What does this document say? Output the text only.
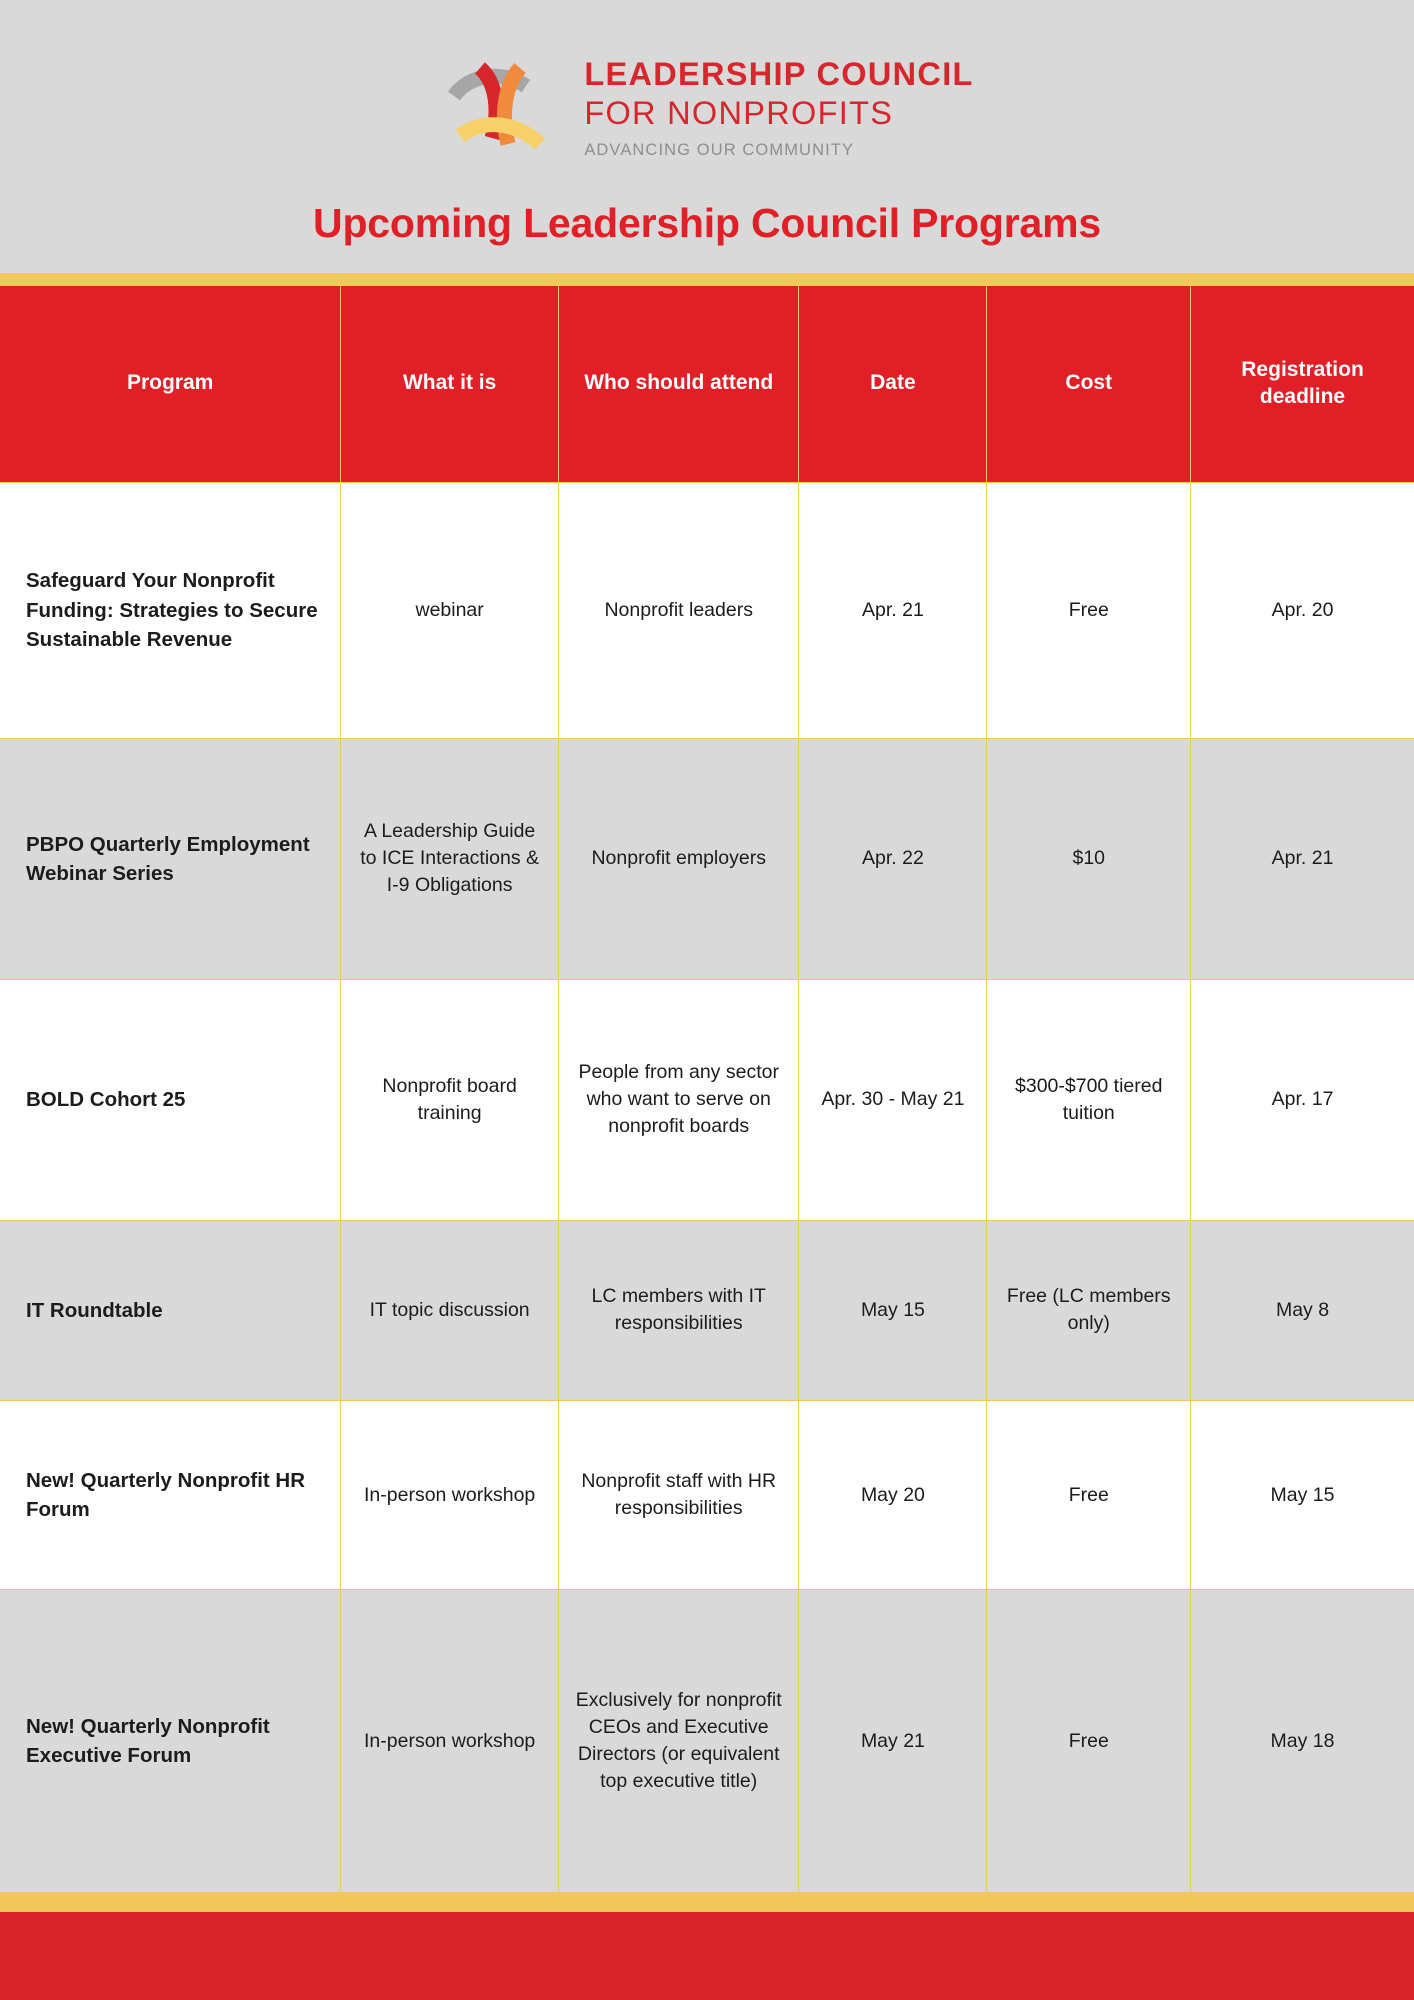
LEADERSHIP COUNCIL
FOR NONPROFITS
ADVANCING OUR COMMUNITY
Upcoming Leadership Council Programs
Program	What it is	Who should attend	Date	Cost	Registration deadline
Safeguard Your Nonprofit Funding: Strategies to Secure Sustainable Revenue	webinar	Nonprofit leaders	Apr. 21	Free	Apr. 20
PBPO Quarterly Employment Webinar Series	A Leadership Guide to ICE Interactions & I-9 Obligations	Nonprofit employers	Apr. 22	$10	Apr. 21
BOLD Cohort 25	Nonprofit board training	People from any sector who want to serve on nonprofit boards	Apr. 30 - May 21	$300-$700 tiered tuition	Apr. 17
IT Roundtable	IT topic discussion	LC members with IT responsibilities	May 15	Free (LC members only)	May 8
New! Quarterly Nonprofit HR Forum	In-person workshop	Nonprofit staff with HR responsibilities	May 20	Free	May 15
New! Quarterly Nonprofit Executive Forum	In-person workshop	Exclusively for nonprofit CEOs and Executive Directors (or equivalent top executive title)	May 21	Free	May 18
